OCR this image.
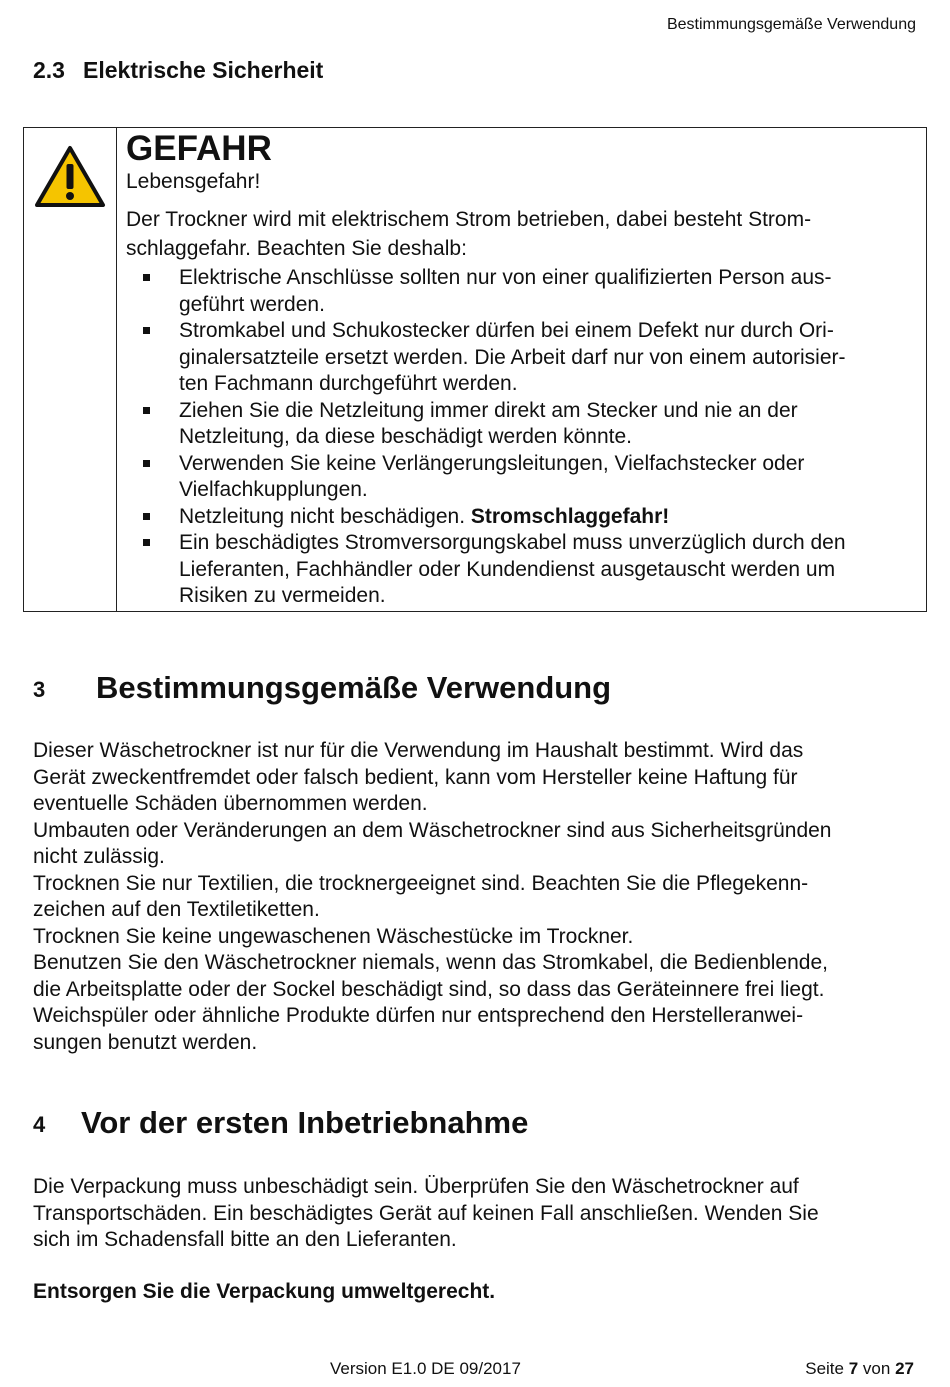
Bestimmungsgemäße Verwendung
2.3 Elektrische Sicherheit
GEFAHR
Lebensgefahr!
Der Trockner wird mit elektrischem Strom betrieben, dabei besteht Strom-
schlaggefahr. Beachten Sie deshalb:
Elektrische Anschlüsse sollten nur von einer qualifizierten Person aus-
geführt werden.
Stromkabel und Schukostecker dürfen bei einem Defekt nur durch Ori-
ginalersatzteile ersetzt werden. Die Arbeit darf nur von einem autorisier-
ten Fachmann durchgeführt werden.
Ziehen Sie die Netzleitung immer direkt am Stecker und nie an der
Netzleitung, da diese beschädigt werden könnte.
Verwenden Sie keine Verlängerungsleitungen, Vielfachstecker oder
Vielfachkupplungen.
Netzleitung nicht beschädigen. Stromschlaggefahr!
Ein beschädigtes Stromversorgungskabel muss unverzüglich durch den
Lieferanten, Fachhändler oder Kundendienst ausgetauscht werden um
Risiken zu vermeiden.
3 Bestimmungsgemäße Verwendung
Dieser Wäschetrockner ist nur für die Verwendung im Haushalt bestimmt. Wird das
Gerät zweckentfremdet oder falsch bedient, kann vom Hersteller keine Haftung für
eventuelle Schäden übernommen werden.
Umbauten oder Veränderungen an dem Wäschetrockner sind aus Sicherheitsgründen
nicht zulässig.
Trocknen Sie nur Textilien, die trocknergeeignet sind. Beachten Sie die Pflegekenn-
zeichen auf den Textiletiketten.
Trocknen Sie keine ungewaschenen Wäschestücke im Trockner.
Benutzen Sie den Wäschetrockner niemals, wenn das Stromkabel, die Bedienblende,
die Arbeitsplatte oder der Sockel beschädigt sind, so dass das Geräteinnere frei liegt.
Weichspüler oder ähnliche Produkte dürfen nur entsprechend den Herstelleranwei-
sungen benutzt werden.
4 Vor der ersten Inbetriebnahme
Die Verpackung muss unbeschädigt sein. Überprüfen Sie den Wäschetrockner auf
Transportschäden. Ein beschädigtes Gerät auf keinen Fall anschließen. Wenden Sie
sich im Schadensfall bitte an den Lieferanten.
Entsorgen Sie die Verpackung umweltgerecht.
Version E1.0 DE 09/2017	Seite 7 von 27
